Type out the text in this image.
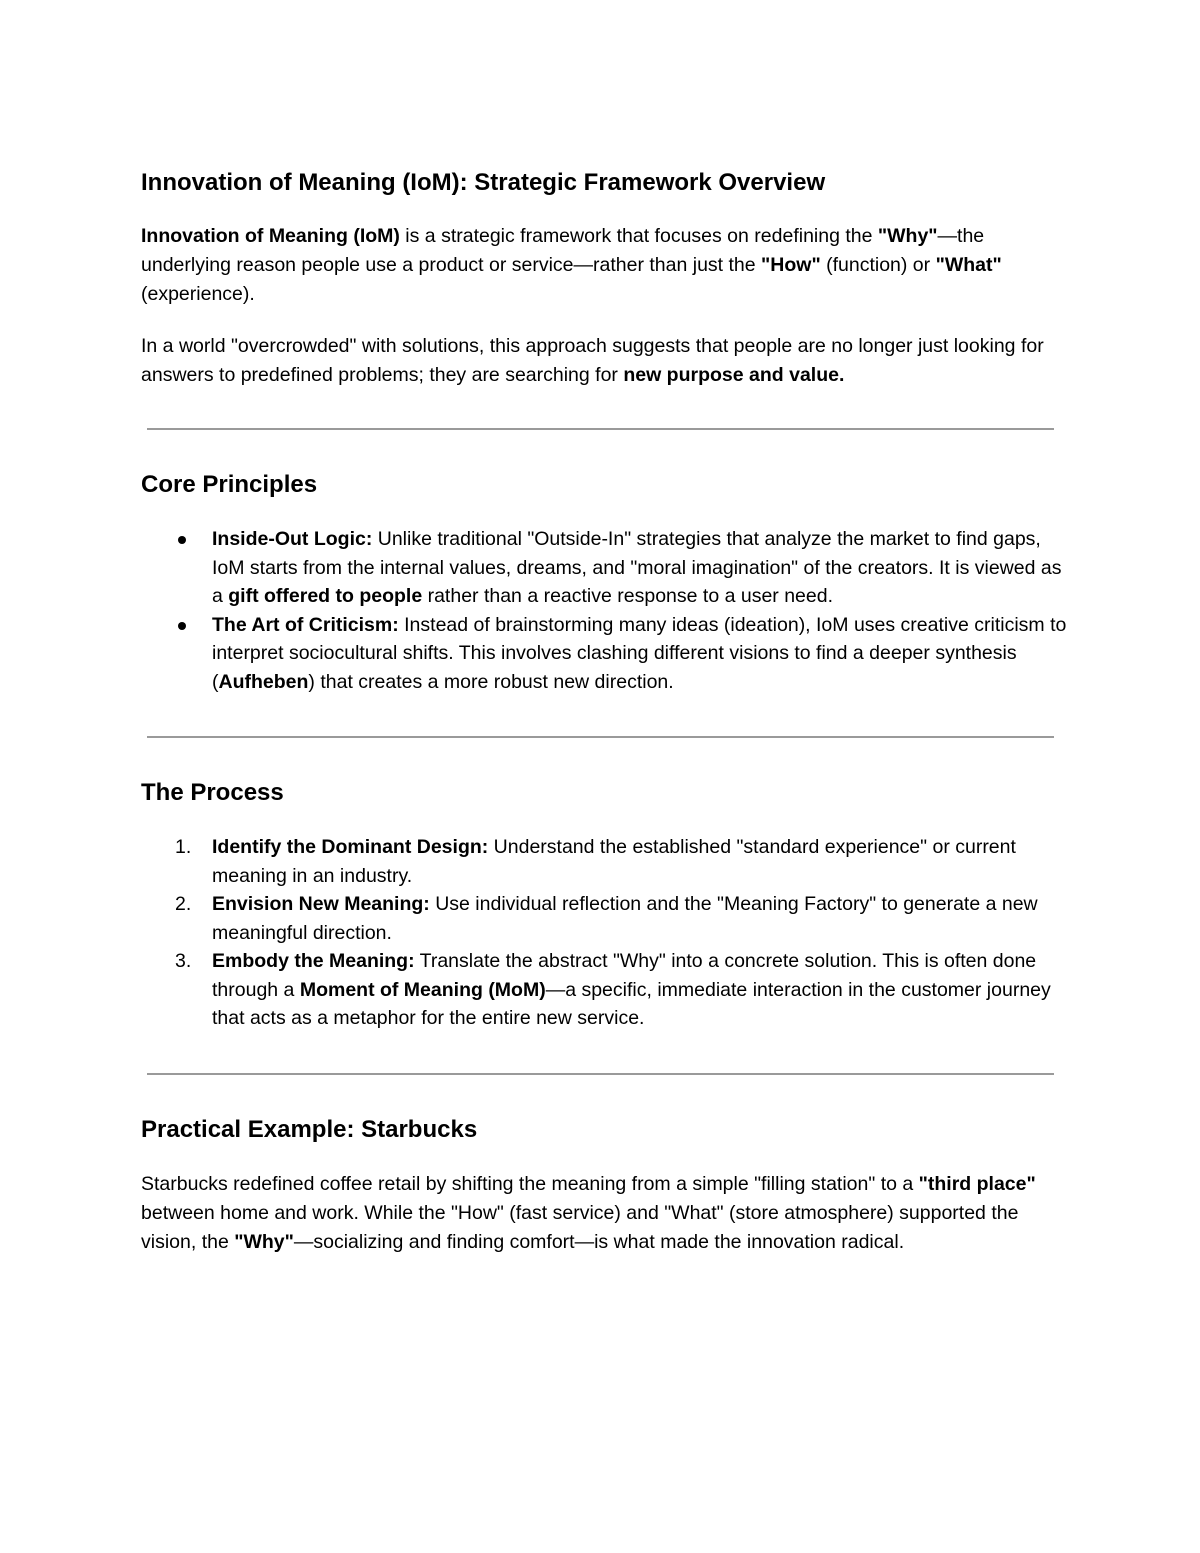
Innovation of Meaning (IoM): Strategic Framework Overview

Innovation of Meaning (IoM) is a strategic framework that focuses on redefining the "Why"—the underlying reason people use a product or service—rather than just the "How" (function) or "What" (experience).

In a world "overcrowded" with solutions, this approach suggests that people are no longer just looking for answers to predefined problems; they are searching for new purpose and value.

Core Principles
Inside-Out Logic: Unlike traditional "Outside-In" strategies that analyze the market to find gaps, IoM starts from the internal values, dreams, and "moral imagination" of the creators. It is viewed as a gift offered to people rather than a reactive response to a user need.
The Art of Criticism: Instead of brainstorming many ideas (ideation), IoM uses creative criticism to interpret sociocultural shifts. This involves clashing different visions to find a deeper synthesis (Aufheben) that creates a more robust new direction.
The Process
1. Identify the Dominant Design: Understand the established "standard experience" or current meaning in an industry.
2. Envision New Meaning: Use individual reflection and the "Meaning Factory" to generate a new meaningful direction.
3. Embody the Meaning: Translate the abstract "Why" into a concrete solution. This is often done through a Moment of Meaning (MoM)—a specific, immediate interaction in the customer journey that acts as a metaphor for the entire new service.
Practical Example: Starbucks

Starbucks redefined coffee retail by shifting the meaning from a simple "filling station" to a "third place" between home and work. While the "How" (fast service) and "What" (store atmosphere) supported the vision, the "Why"—socializing and finding comfort—is what made the innovation radical.
